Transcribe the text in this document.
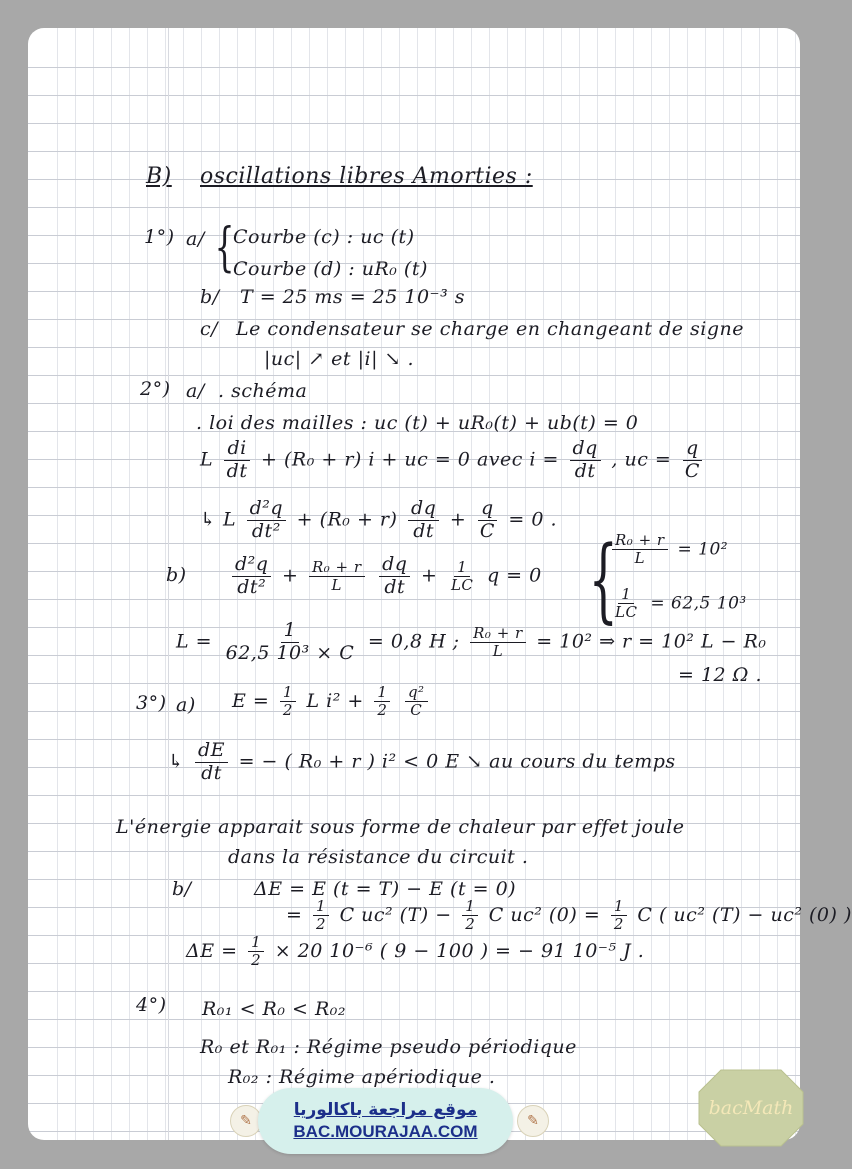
B) oscillations libres Amorties :
1°) a/ {
Courbe (c) : uc (t)
Courbe (d) : uR₀ (t)
b/ T = 25 ms = 25 10⁻³ s
c/ Le condensateur se charge en changeant de signe
|uc| ↗ et |i| ↘ .
2°) a/ . schéma
. loi des mailles : uc (t) + uR₀(t) + ub(t) = 0
L $\frac{di}{dt} + (R_0 + r) i$ + uc = 0 avec $i = \frac{dq}{dt}$ , uc = $\frac{q}{C}$
↳ L $\frac{\text{d²q}}{\text{dt²}} + (R_0 + r) \frac{dq}{dt} + \frac{q}{C} = 0$ .
$b) \frac{\text{d²q}}{\text{dt²}} + \frac{\text{R₀ + r}}{L}$
$\frac{dq}{dt} + \frac{1}{LC}$ q = 0 {
$\frac{\text{R₀ + r}}{L} = 10^2$
$\frac{1}{LC} = 62,5$ 10³
$L = \frac{1}{\text{62,5 10³ × C}} = 0,8$ H ; $\frac{\text{R₀ + r}}{L} = 10^2$ ⇒ r = 10² L − R₀
= 12 Ω .
3°) a) $E = \frac{1}{2}$ L $i^2 + \frac{1}{2}$
$\frac{\text{q²}}{C}$
↳ $\frac{dE}{dt}$ = − ( R₀ + r ) i² < 0 E ↘ au cours du temps
L'énergie apparait sous forme de chaleur par effet joule
dans la résistance du circuit .
b/	ΔE = E (t = T) − E (t = 0)
= $\frac{1}{2}$ C uc² $(T) - \frac{1}{2}$ C uc² $(0) = \frac{1}{2}$ C ( uc² (T) − uc² (0) )
$\Delta E = \frac{1}{2} \times 20$ 10⁻⁶ ( 9 − 100 ) = − 91 10⁻⁵ J .
4°) R₀₁ < R₀ < R₀₂
R₀ et R₀₁ : Régime pseudo périodique
R₀₂ : Régime apériodique .
✎
موقع مراجعة باكالوريا
BAC.MOURAJAA.COM
✎
bacMath
